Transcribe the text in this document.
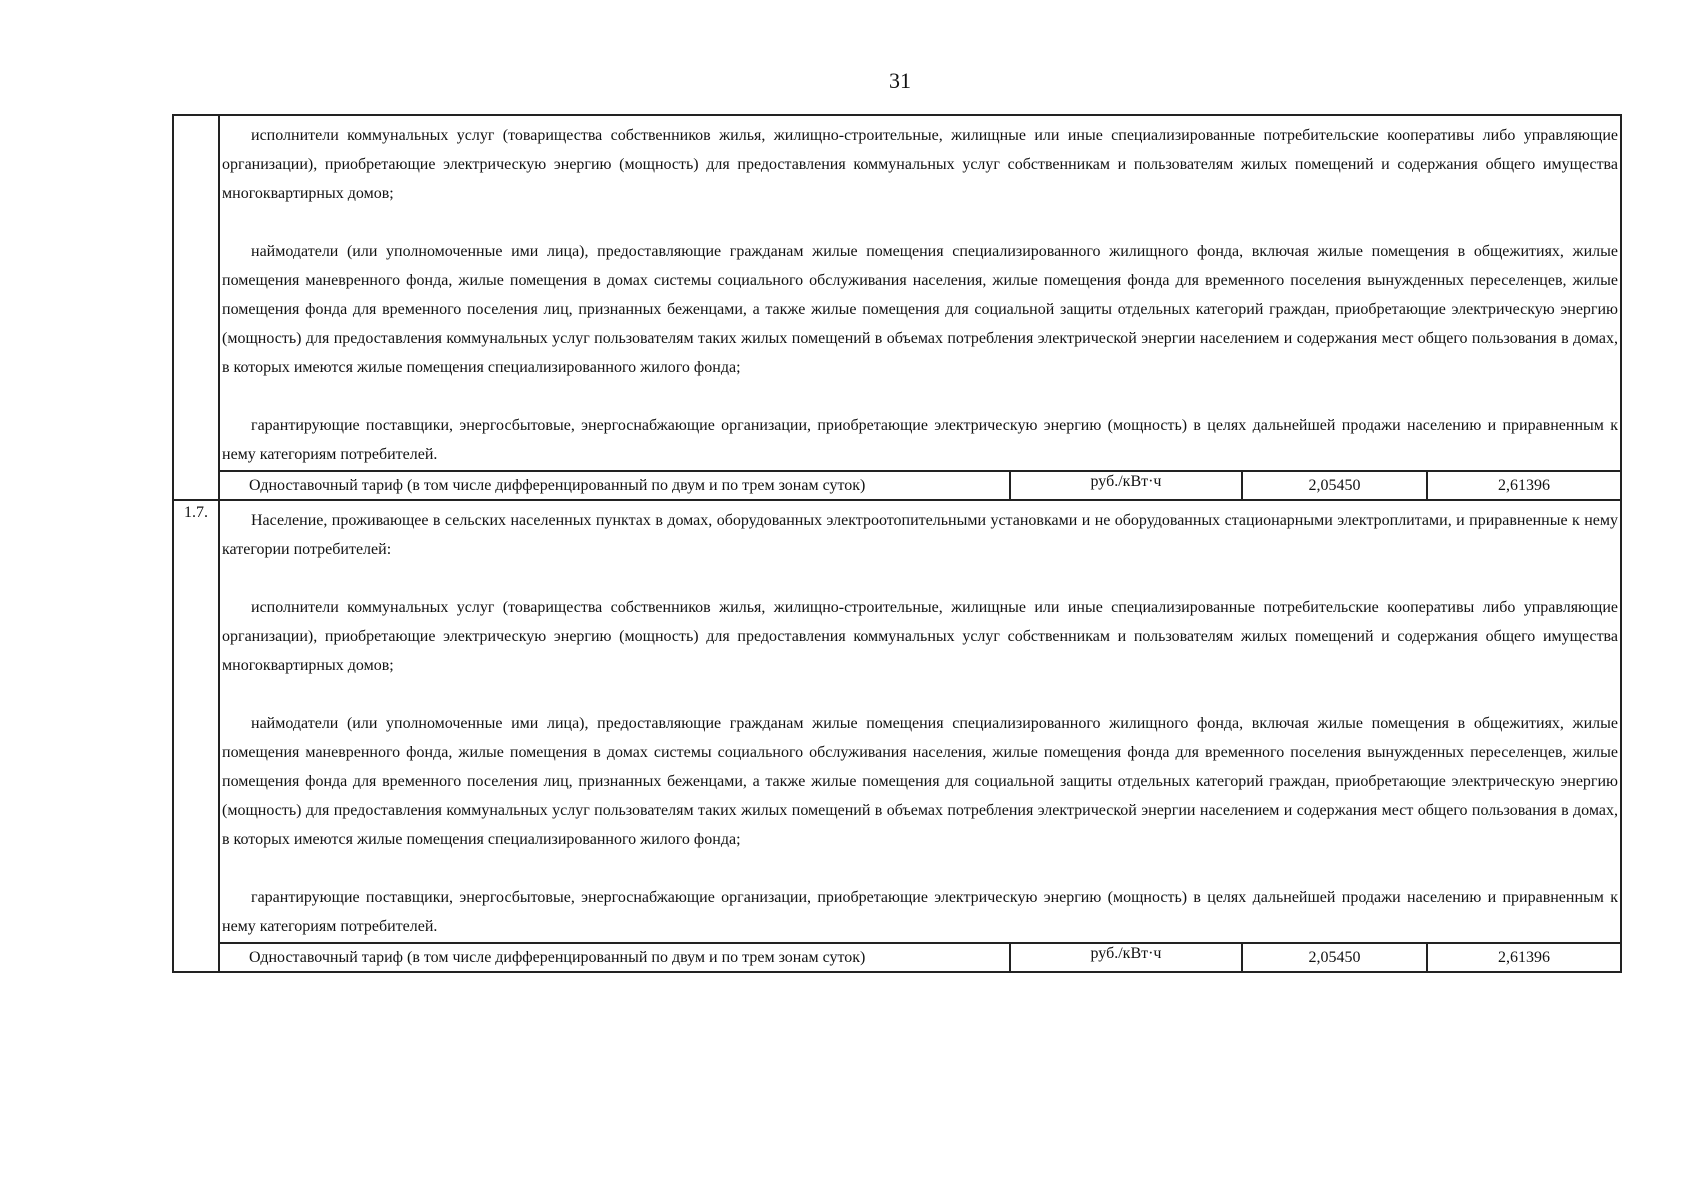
31

	исполнители коммунальных услуг (товарищества собственников жилья, жилищно-строительные, жилищные или иные специализированные потребительские кооперативы либо управляющие организации), приобретающие электрическую энергию (мощность) для предоставления коммунальных услуг собственникам и пользователям жилых помещений и содержания общего имущества многоквартирных домов;

наймодатели (или уполномоченные ими лица), предоставляющие гражданам жилые помещения специализированного жилищного фонда, включая жилые помещения в общежитиях, жилые помещения маневренного фонда, жилые помещения в домах системы социального обслуживания населения, жилые помещения фонда для временного поселения вынужденных переселенцев, жилые помещения фонда для временного поселения лиц, признанных беженцами, а также жилые помещения для социальной защиты отдельных категорий граждан, приобретающие электрическую энергию (мощность) для предоставления коммунальных услуг пользователям таких жилых помещений в объемах потребления электрической энергии населением и содержания мест общего пользования в домах, в которых имеются жилые помещения специализированного жилого фонда;

гарантирующие поставщики, энергосбытовые, энергоснабжающие организации, приобретающие электрическую энергию (мощность) в целях дальнейшей продажи населению и приравненным к нему категориям потребителей.			

	Одноставочный тариф (в том числе дифференцированный по двум и по трем зонам суток)	руб./кВт·ч	2,05450	2,61396
1.7.	Население, проживающее в сельских населенных пунктах в домах, оборудованных электроотопительными установками и не оборудованных стационарными электроплитами, и приравненные к нему категории потребителей:

исполнители коммунальных услуг (товарищества собственников жилья, жилищно-строительные, жилищные или иные специализированные потребительские кооперативы либо управляющие организации), приобретающие электрическую энергию (мощность) для предоставления коммунальных услуг собственникам и пользователям жилых помещений и содержания общего имущества многоквартирных домов;

наймодатели (или уполномоченные ими лица), предоставляющие гражданам жилые помещения специализированного жилищного фонда, включая жилые помещения в общежитиях, жилые помещения маневренного фонда, жилые помещения в домах системы социального обслуживания населения, жилые помещения фонда для временного поселения вынужденных переселенцев, жилые помещения фонда для временного поселения лиц, признанных беженцами, а также жилые помещения для социальной защиты отдельных категорий граждан, приобретающие электрическую энергию (мощность) для предоставления коммунальных услуг пользователям таких жилых помещений в объемах потребления электрической энергии населением и содержания мест общего пользования в домах, в которых имеются жилые помещения специализированного жилого фонда;

гарантирующие поставщики, энергосбытовые, энергоснабжающие организации, приобретающие электрическую энергию (мощность) в целях дальнейшей продажи населению и приравненным к нему категориям потребителей.			

	Одноставочный тариф (в том числе дифференцированный по двум и по трем зонам суток)	руб./кВт·ч	2,05450	2,61396
